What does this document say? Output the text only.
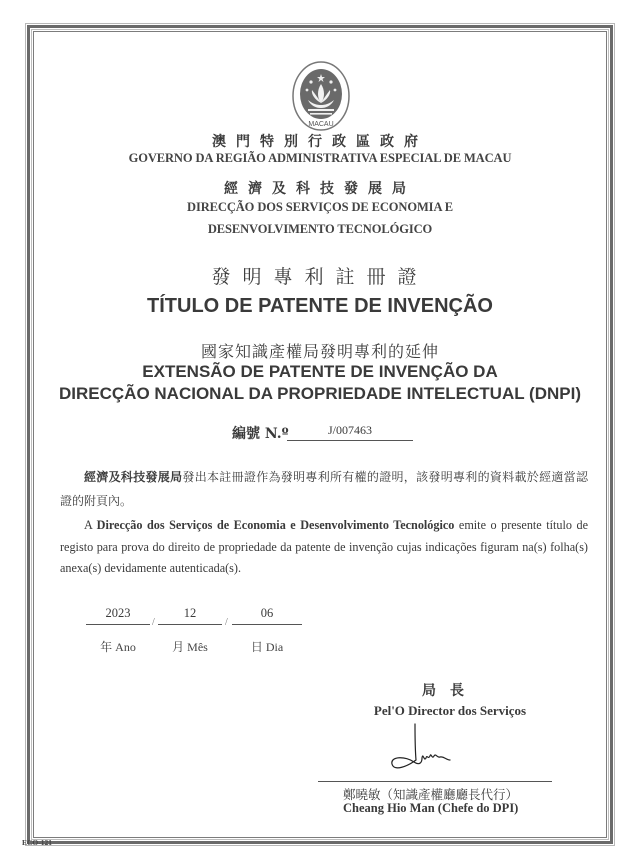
MACAU
澳門特別行政區政府
GOVERNO DA REGIÃO ADMINISTRATIVA ESPECIAL DE MACAU
經濟及科技發展局
DIRECÇÃO DOS SERVIÇOS DE ECONOMIA E
DESENVOLVIMENTO TECNOLÓGICO
發明專利註冊證
TÍTULO DE PATENTE DE INVENÇÃO
國家知識產權局發明專利的延伸
EXTENSÃO DE PATENTE DE INVENÇÃO DA
DIRECÇÃO NACIONAL DA PROPRIEDADE INTELECTUAL (DNPI)
編號 N.º	J/007463
經濟及科技發展局發出本註冊證作為發明專利所有權的證明，該發明專利的資料載於經適當認證的附頁內。
A Direcção dos Serviços de Economia e Desenvolvimento Tecnológico emite o presente título de registo para prova do direito de propriedade da patente de invenção cujas indicações figuram na(s) folha(s) anexa(s) devidamente autenticada(s).
2023
/
12
/
06
年 Ano	月 Mês	日 Dia
局長
Pel'O Director dos Serviços
鄭曉敏（知識產權廳廳長代行）
Cheang Hio Man (Chefe do DPI)
ECO-121
